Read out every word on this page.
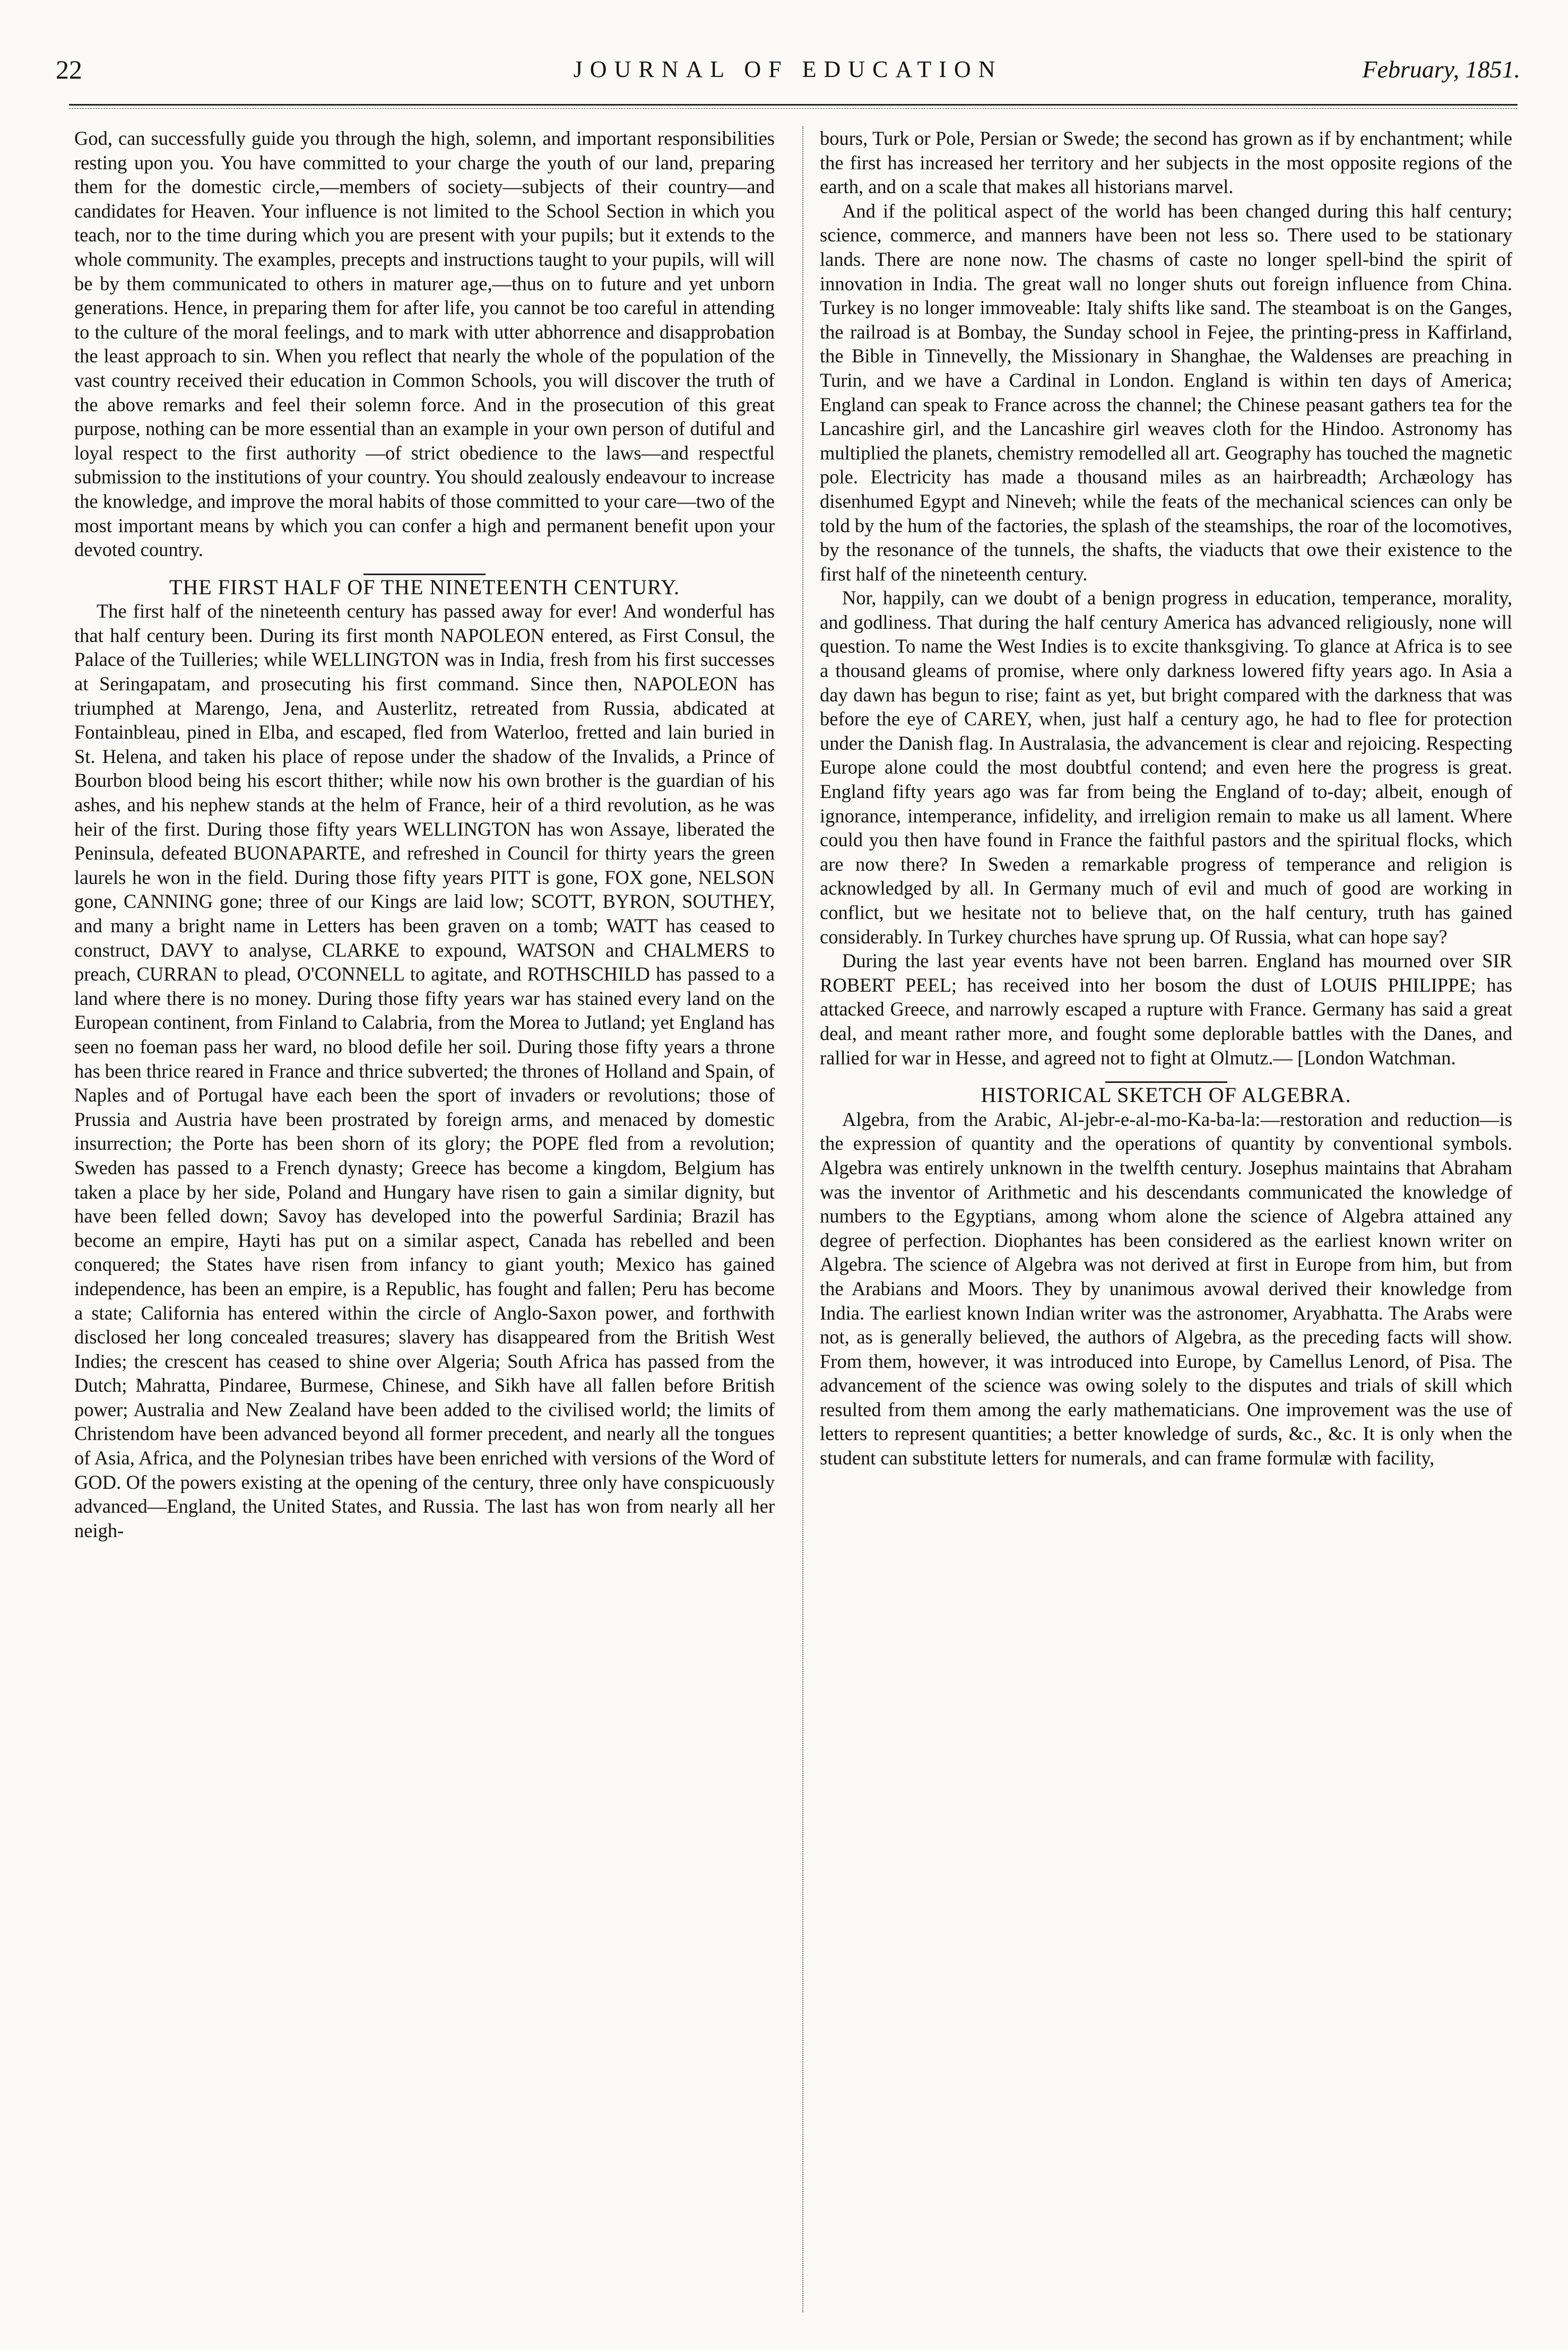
22	JOURNAL OF EDUCATION	February, 1851.

God, can successfully guide you through the high, solemn, and important responsibilities resting upon you. You have committed to your charge the youth of our land, preparing them for the domestic circle,—members of society—subjects of their country—and candidates for Heaven. Your influence is not limited to the School Section in which you teach, nor to the time during which you are present with your pupils; but it extends to the whole community. The examples, precepts and instructions taught to your pupils, will will be by them communicated to others in maturer age,—thus on to future and yet unborn generations. Hence, in preparing them for after life, you cannot be too careful in attending to the culture of the moral feelings, and to mark with utter abhorrence and disapprobation the least approach to sin. When you reflect that nearly the whole of the population of the vast country received their education in Common Schools, you will discover the truth of the above remarks and feel their solemn force. And in the prosecution of this great purpose, nothing can be more essential than an example in your own person of dutiful and loyal respect to the first authority —of strict obedience to the laws—and respectful submission to the institutions of your country. You should zealously endeavour to increase the knowledge, and improve the moral habits of those committed to your care—two of the most important means by which you can confer a high and permanent benefit upon your devoted country.

THE FIRST HALF OF THE NINETEENTH CENTURY.

The first half of the nineteenth century has passed away for ever! And wonderful has that half century been. During its first month NAPOLEON entered, as First Consul, the Palace of the Tuilleries; while WELLINGTON was in India, fresh from his first successes at Seringapatam, and prosecuting his first command. Since then, NAPOLEON has triumphed at Marengo, Jena, and Austerlitz, retreated from Russia, abdicated at Fontainbleau, pined in Elba, and escaped, fled from Waterloo, fretted and lain buried in St. Helena, and taken his place of repose under the shadow of the Invalids, a Prince of Bourbon blood being his escort thither; while now his own brother is the guardian of his ashes, and his nephew stands at the helm of France, heir of a third revolution, as he was heir of the first. During those fifty years WELLINGTON has won Assaye, liberated the Peninsula, defeated BUONAPARTE, and refreshed in Council for thirty years the green laurels he won in the field. During those fifty years PITT is gone, FOX gone, NELSON gone, CANNING gone; three of our Kings are laid low; SCOTT, BYRON, SOUTHEY, and many a bright name in Letters has been graven on a tomb; WATT has ceased to construct, DAVY to analyse, CLARKE to expound, WATSON and CHALMERS to preach, CURRAN to plead, O'CONNELL to agitate, and ROTHSCHILD has passed to a land where there is no money. During those fifty years war has stained every land on the European continent, from Finland to Calabria, from the Morea to Jutland; yet England has seen no foeman pass her ward, no blood defile her soil. During those fifty years a throne has been thrice reared in France and thrice subverted; the thrones of Holland and Spain, of Naples and of Portugal have each been the sport of invaders or revolutions; those of Prussia and Austria have been prostrated by foreign arms, and menaced by domestic insurrection; the Porte has been shorn of its glory; the POPE fled from a revolution; Sweden has passed to a French dynasty; Greece has become a kingdom, Belgium has taken a place by her side, Poland and Hungary have risen to gain a similar dignity, but have been felled down; Savoy has developed into the powerful Sardinia; Brazil has become an empire, Hayti has put on a similar aspect, Canada has rebelled and been conquered; the States have risen from infancy to giant youth; Mexico has gained independence, has been an empire, is a Republic, has fought and fallen; Peru has become a state; California has entered within the circle of Anglo-Saxon power, and forthwith disclosed her long concealed treasures; slavery has disappeared from the British West Indies; the crescent has ceased to shine over Algeria; South Africa has passed from the Dutch; Mahratta, Pindaree, Burmese, Chinese, and Sikh have all fallen before British power; Australia and New Zealand have been added to the civilised world; the limits of Christendom have been advanced beyond all former precedent, and nearly all the tongues of Asia, Africa, and the Polynesian tribes have been enriched with versions of the Word of GOD. Of the powers existing at the opening of the century, three only have conspicuously advanced—England, the United States, and Russia. The last has won from nearly all her neigh-

bours, Turk or Pole, Persian or Swede; the second has grown as if by enchantment; while the first has increased her territory and her subjects in the most opposite regions of the earth, and on a scale that makes all historians marvel.

And if the political aspect of the world has been changed during this half century; science, commerce, and manners have been not less so. There used to be stationary lands. There are none now. The chasms of caste no longer spell-bind the spirit of innovation in India. The great wall no longer shuts out foreign influence from China. Turkey is no longer immoveable: Italy shifts like sand. The steamboat is on the Ganges, the railroad is at Bombay, the Sunday school in Fejee, the printing-press in Kaffirland, the Bible in Tinnevelly, the Missionary in Shanghae, the Waldenses are preaching in Turin, and we have a Cardinal in London. England is within ten days of America; England can speak to France across the channel; the Chinese peasant gathers tea for the Lancashire girl, and the Lancashire girl weaves cloth for the Hindoo. Astronomy has multiplied the planets, chemistry remodelled all art. Geography has touched the magnetic pole. Electricity has made a thousand miles as an hairbreadth; Archæology has disenhumed Egypt and Nineveh; while the feats of the mechanical sciences can only be told by the hum of the factories, the splash of the steamships, the roar of the locomotives, by the resonance of the tunnels, the shafts, the viaducts that owe their existence to the first half of the nineteenth century.

Nor, happily, can we doubt of a benign progress in education, temperance, morality, and godliness. That during the half century America has advanced religiously, none will question. To name the West Indies is to excite thanksgiving. To glance at Africa is to see a thousand gleams of promise, where only darkness lowered fifty years ago. In Asia a day dawn has begun to rise; faint as yet, but bright compared with the darkness that was before the eye of CAREY, when, just half a century ago, he had to flee for protection under the Danish flag. In Australasia, the advancement is clear and rejoicing. Respecting Europe alone could the most doubtful contend; and even here the progress is great. England fifty years ago was far from being the England of to-day; albeit, enough of ignorance, intemperance, infidelity, and irreligion remain to make us all lament. Where could you then have found in France the faithful pastors and the spiritual flocks, which are now there? In Sweden a remarkable progress of temperance and religion is acknowledged by all. In Germany much of evil and much of good are working in conflict, but we hesitate not to believe that, on the half century, truth has gained considerably. In Turkey churches have sprung up. Of Russia, what can hope say?

During the last year events have not been barren. England has mourned over SIR ROBERT PEEL; has received into her bosom the dust of LOUIS PHILIPPE; has attacked Greece, and narrowly escaped a rupture with France. Germany has said a great deal, and meant rather more, and fought some deplorable battles with the Danes, and rallied for war in Hesse, and agreed not to fight at Olmutz.— [London Watchman.

HISTORICAL SKETCH OF ALGEBRA.

Algebra, from the Arabic, Al-jebr-e-al-mo-Ka-ba-la:—restoration and reduction—is the expression of quantity and the operations of quantity by conventional symbols. Algebra was entirely unknown in the twelfth century. Josephus maintains that Abraham was the inventor of Arithmetic and his descendants communicated the knowledge of numbers to the Egyptians, among whom alone the science of Algebra attained any degree of perfection. Diophantes has been considered as the earliest known writer on Algebra. The science of Algebra was not derived at first in Europe from him, but from the Arabians and Moors. They by unanimous avowal derived their knowledge from India. The earliest known Indian writer was the astronomer, Aryabhatta. The Arabs were not, as is generally believed, the authors of Algebra, as the preceding facts will show. From them, however, it was introduced into Europe, by Camellus Lenord, of Pisa. The advancement of the science was owing solely to the disputes and trials of skill which resulted from them among the early mathematicians. One improvement was the use of letters to represent quantities; a better knowledge of surds, &c., &c. It is only when the student can substitute letters for numerals, and can frame formulæ with facility,
